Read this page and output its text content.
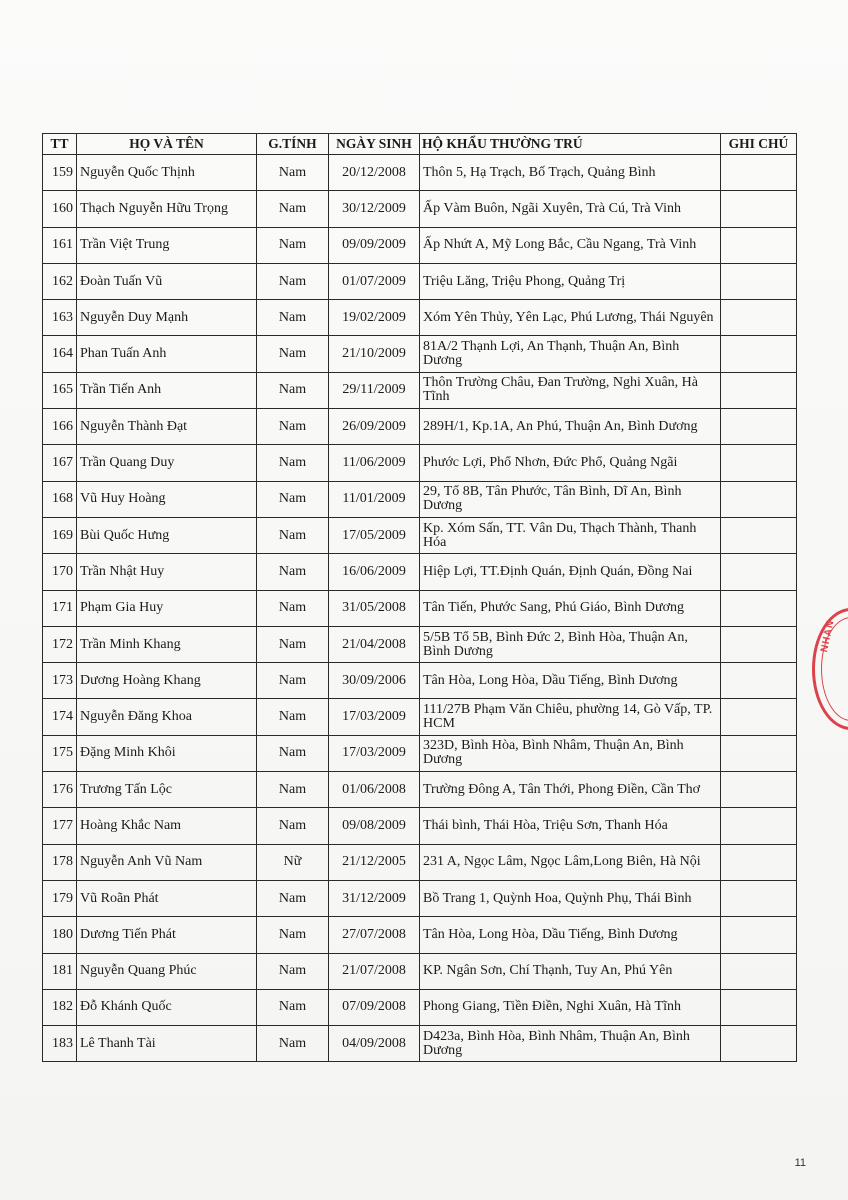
TT	HỌ VÀ TÊN	G.TÍNH	NGÀY SINH	HỘ KHẨU THƯỜNG TRÚ	GHI CHÚ
159	Nguyễn Quốc Thịnh	Nam	20/12/2008	Thôn 5, Hạ Trạch, Bố Trạch, Quảng Bình	
160	Thạch Nguyễn Hữu Trọng	Nam	30/12/2009	Ấp Vàm Buôn, Ngãi Xuyên, Trà Cú, Trà Vinh	
161	Trần Việt Trung	Nam	09/09/2009	Ấp Nhứt A, Mỹ Long Bắc, Cầu Ngang, Trà Vinh	
162	Đoàn Tuấn Vũ	Nam	01/07/2009	Triệu Lăng, Triệu Phong, Quảng Trị	
163	Nguyễn Duy Mạnh	Nam	19/02/2009	Xóm Yên Thủy, Yên Lạc, Phú Lương, Thái Nguyên	
164	Phan Tuấn Anh	Nam	21/10/2009	81A/2 Thạnh Lợi, An Thạnh, Thuận An, Bình Dương	
165	Trần Tiến Anh	Nam	29/11/2009	Thôn Trường Châu, Đan Trường, Nghi Xuân, Hà Tĩnh	
166	Nguyễn Thành Đạt	Nam	26/09/2009	289H/1, Kp.1A, An Phú, Thuận An, Bình Dương	
167	Trần Quang Duy	Nam	11/06/2009	Phước Lợi, Phổ Nhơn, Đức Phổ, Quảng Ngãi	
168	Vũ Huy Hoàng	Nam	11/01/2009	29, Tổ 8B, Tân Phước, Tân Bình, Dĩ An, Bình Dương	
169	Bùi Quốc Hưng	Nam	17/05/2009	Kp. Xóm Sấn, TT. Vân Du, Thạch Thành, Thanh Hóa	
170	Trần Nhật Huy	Nam	16/06/2009	Hiệp Lợi, TT.Định Quán, Định Quán, Đồng Nai	
171	Phạm Gia Huy	Nam	31/05/2008	Tân Tiến, Phước Sang, Phú Giáo, Bình Dương	
172	Trần Minh Khang	Nam	21/04/2008	5/5B Tổ 5B, Bình Đức 2, Bình Hòa, Thuận An, Bình Dương	
173	Dương Hoàng Khang	Nam	30/09/2006	Tân Hòa, Long Hòa, Dầu Tiếng, Bình Dương	
174	Nguyễn Đăng Khoa	Nam	17/03/2009	111/27B Phạm Văn Chiêu, phường 14, Gò Vấp, TP. HCM	
175	Đặng Minh Khôi	Nam	17/03/2009	323D, Bình Hòa, Bình Nhâm, Thuận An, Bình Dương	
176	Trương Tấn Lộc	Nam	01/06/2008	Trường Đông A, Tân Thới, Phong Điền, Cần Thơ	
177	Hoàng Khắc Nam	Nam	09/08/2009	Thái bình, Thái Hòa, Triệu Sơn, Thanh Hóa	
178	Nguyễn Anh Vũ Nam	Nữ	21/12/2005	231 A, Ngọc Lâm, Ngọc Lâm,Long Biên, Hà Nội	
179	Vũ Roãn Phát	Nam	31/12/2009	Bồ Trang 1, Quỳnh Hoa, Quỳnh Phụ, Thái Bình	
180	Dương Tiến Phát	Nam	27/07/2008	Tân Hòa, Long Hòa, Dầu Tiếng, Bình Dương	
181	Nguyễn Quang Phúc	Nam	21/07/2008	KP. Ngân Sơn, Chí Thạnh, Tuy An, Phú Yên	
182	Đỗ Khánh Quốc	Nam	07/09/2008	Phong Giang, Tiền Điền, Nghi Xuân, Hà Tĩnh	
183	Lê Thanh Tài	Nam	04/09/2008	D423a, Bình Hòa, Bình Nhâm, Thuận An, Bình Dương	
NHÂN
11
